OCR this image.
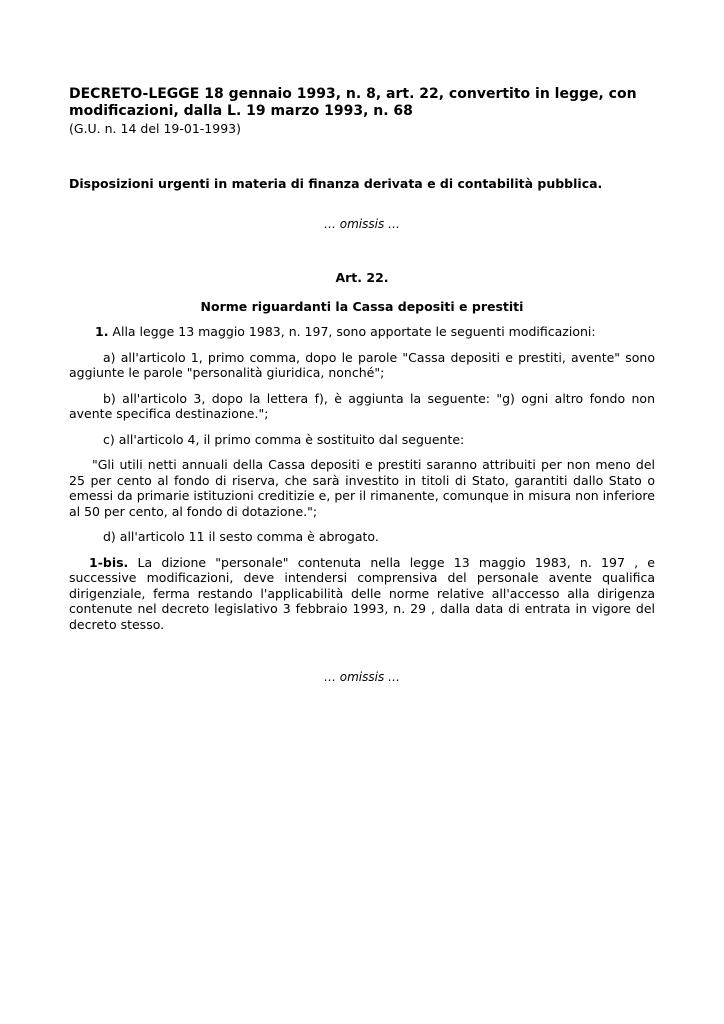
DECRETO-LEGGE 18 gennaio 1993, n. 8, art. 22, convertito in legge, con modificazioni, dalla L. 19 marzo 1993, n. 68

(G.U. n. 14 del 19-01-1993)

Disposizioni urgenti in materia di finanza derivata e di contabilità pubblica.

… omissis …

Art. 22.

Norme riguardanti la Cassa depositi e prestiti

1. Alla legge 13 maggio 1983, n. 197, sono apportate le seguenti modificazioni:

a) all'articolo 1, primo comma, dopo le parole "Cassa depositi e prestiti, avente" sono aggiunte le parole "personalità giuridica, nonché";

b) all'articolo 3, dopo la lettera f), è aggiunta la seguente: "g) ogni altro fondo non avente specifica destinazione.";

c) all'articolo 4, il primo comma è sostituito dal seguente:

"Gli utili netti annuali della Cassa depositi e prestiti saranno attribuiti per non meno del 25 per cento al fondo di riserva, che sarà investito in titoli di Stato, garantiti dallo Stato o emessi da primarie istituzioni creditizie e, per il rimanente, comunque in misura non inferiore al 50 per cento, al fondo di dotazione.";

d) all'articolo 11 il sesto comma è abrogato.

1-bis. La dizione "personale" contenuta nella legge 13 maggio 1983, n. 197 , e successive modificazioni, deve intendersi comprensiva del personale avente qualifica dirigenziale, ferma restando l'applicabilità delle norme relative all'accesso alla dirigenza contenute nel decreto legislativo 3 febbraio 1993, n. 29 , dalla data di entrata in vigore del decreto stesso.

… omissis …
